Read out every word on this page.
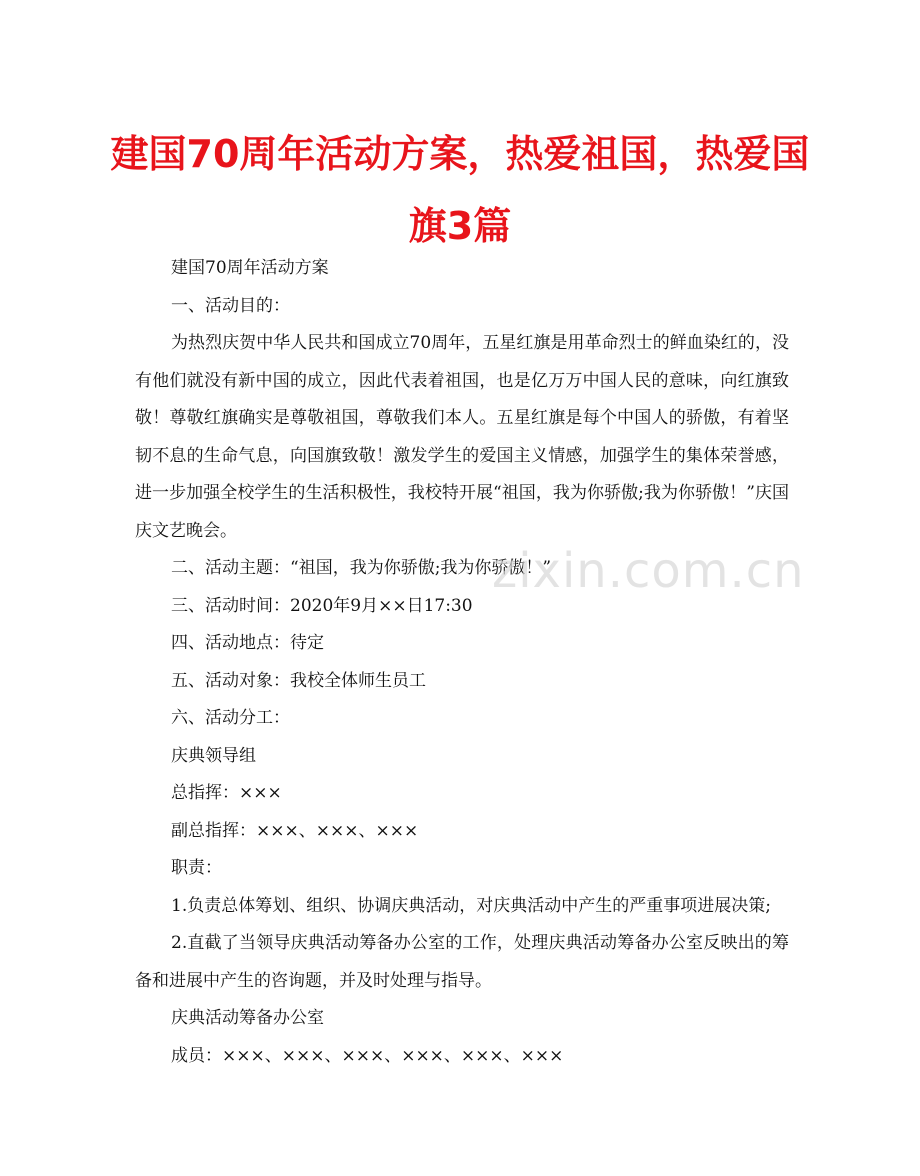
建国70周年活动方案，热爱祖国，热爱国
旗3篇

建国70周年活动方案

一、活动目的：

为热烈庆贺中华人民共和国成立70周年，五星红旗是用革命烈士的鲜血染红的，没有他们就没有新中国的成立，因此代表着祖国，也是亿万万中国人民的意味，向红旗致敬！尊敬红旗确实是尊敬祖国，尊敬我们本人。五星红旗是每个中国人的骄傲，有着坚韧不息的生命气息，向国旗致敬！激发学生的爱国主义情感，加强学生的集体荣誉感，进一步加强全校学生的生活积极性，我校特开展“祖国，我为你骄傲;我为你骄傲！”庆国庆文艺晚会。

二、活动主题：“祖国，我为你骄傲;我为你骄傲！”

三、活动时间：2020年9月××日17:30

四、活动地点：待定

五、活动对象：我校全体师生员工

六、活动分工：

庆典领导组

总指挥：×××

副总指挥：×××、×××、×××

职责：

1.负责总体筹划、组织、协调庆典活动，对庆典活动中产生的严重事项进展决策;

2.直截了当领导庆典活动筹备办公室的工作，处理庆典活动筹备办公室反映出的筹备和进展中产生的咨询题，并及时处理与指导。

庆典活动筹备办公室

成员：×××、×××、×××、×××、×××、×××

zixin.com.cn
